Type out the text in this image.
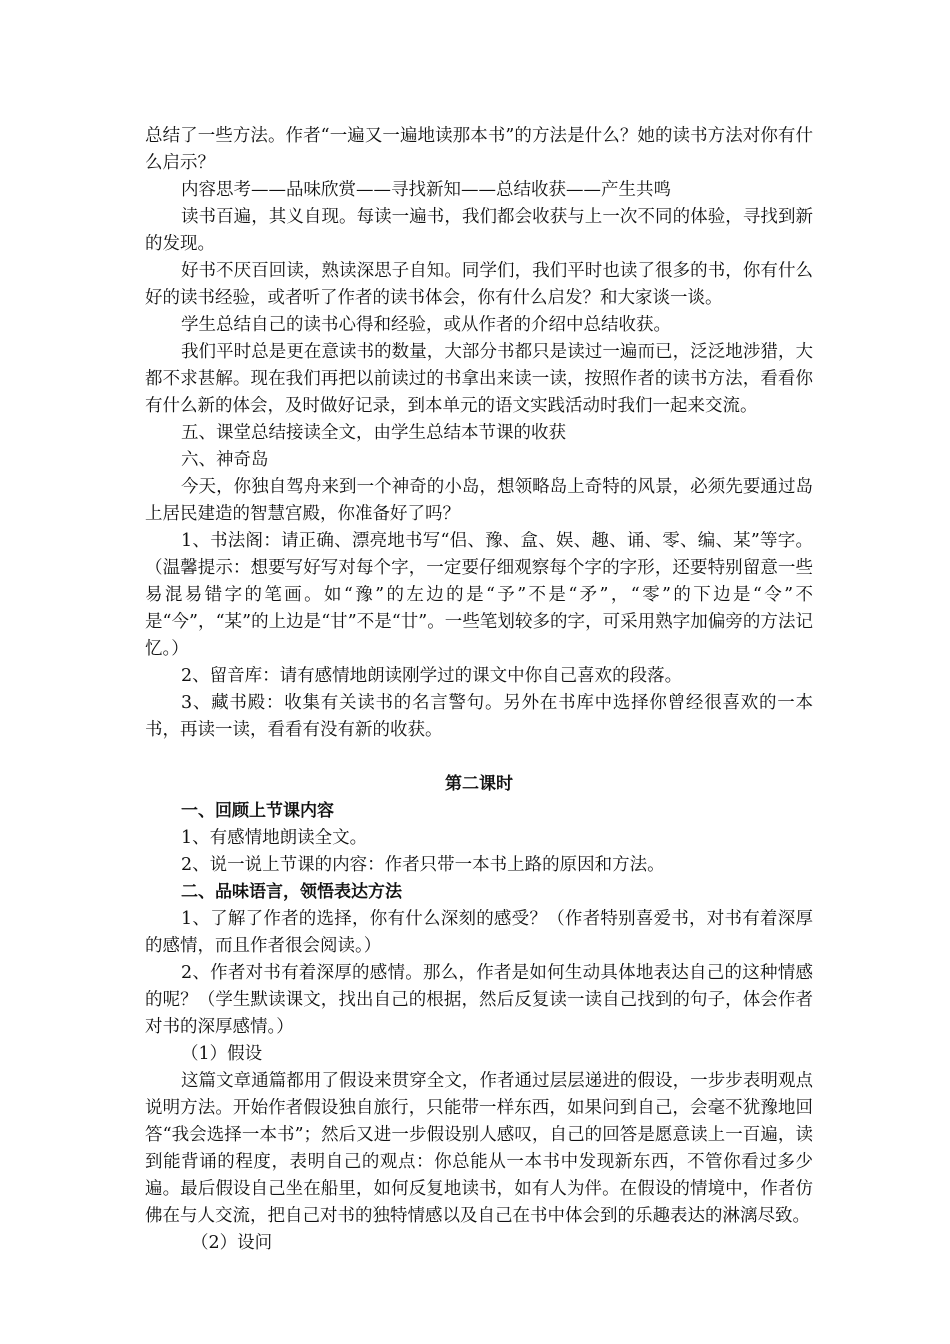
总结了一些方法。作者“一遍又一遍地读那本书”的方法是什么？她的读书方法对你有什么启示？

内容思考——品味欣赏——寻找新知——总结收获——产生共鸣

读书百遍，其义自现。每读一遍书，我们都会收获与上一次不同的体验，寻找到新的发现。

好书不厌百回读，熟读深思子自知。同学们，我们平时也读了很多的书，你有什么好的读书经验，或者听了作者的读书体会，你有什么启发？和大家谈一谈。

学生总结自己的读书心得和经验，或从作者的介绍中总结收获。

我们平时总是更在意读书的数量，大部分书都只是读过一遍而已，泛泛地涉猎，大都不求甚解。现在我们再把以前读过的书拿出来读一读，按照作者的读书方法，看看你有什么新的体会，及时做好记录，到本单元的语文实践活动时我们一起来交流。

五、课堂总结接读全文，由学生总结本节课的收获

六、神奇岛

今天，你独自驾舟来到一个神奇的小岛，想领略岛上奇特的风景，必须先要通过岛上居民建造的智慧宫殿，你准备好了吗？

1、书法阁：请正确、漂亮地书写“侣、豫、盒、娱、趣、诵、零、编、某”等字。（温馨提示：想要写好写对每个字，一定要仔细观察每个字的字形，还要特别留意一些易混易错字的笔画。如“豫”的左边的是“予”不是“矛”，“零”的下边是“令”不是“今”，“某”的上边是“甘”不是“廿”。一些笔划较多的字，可采用熟字加偏旁的方法记忆。）

2、留音库：请有感情地朗读刚学过的课文中你自己喜欢的段落。

3、藏书殿：收集有关读书的名言警句。另外在书库中选择你曾经很喜欢的一本书，再读一读，看看有没有新的收获。

第二课时

一、回顾上节课内容

1、有感情地朗读全文。

2、说一说上节课的内容：作者只带一本书上路的原因和方法。

二、品味语言，领悟表达方法

1、了解了作者的选择，你有什么深刻的感受？（作者特别喜爱书，对书有着深厚的感情，而且作者很会阅读。）

2、作者对书有着深厚的感情。那么，作者是如何生动具体地表达自己的这种情感的呢？（学生默读课文，找出自己的根据，然后反复读一读自己找到的句子，体会作者对书的深厚感情。）

（1）假设

这篇文章通篇都用了假设来贯穿全文，作者通过层层递进的假设，一步步表明观点说明方法。开始作者假设独自旅行，只能带一样东西，如果问到自己，会毫不犹豫地回答“我会选择一本书”；然后又进一步假设别人感叹，自己的回答是愿意读上一百遍，读到能背诵的程度，表明自己的观点：你总能从一本书中发现新东西，不管你看过多少遍。最后假设自己坐在船里，如何反复地读书，如有人为伴。在假设的情境中，作者仿佛在与人交流，把自己对书的独特情感以及自己在书中体会到的乐趣表达的淋漓尽致。

（2）设问
